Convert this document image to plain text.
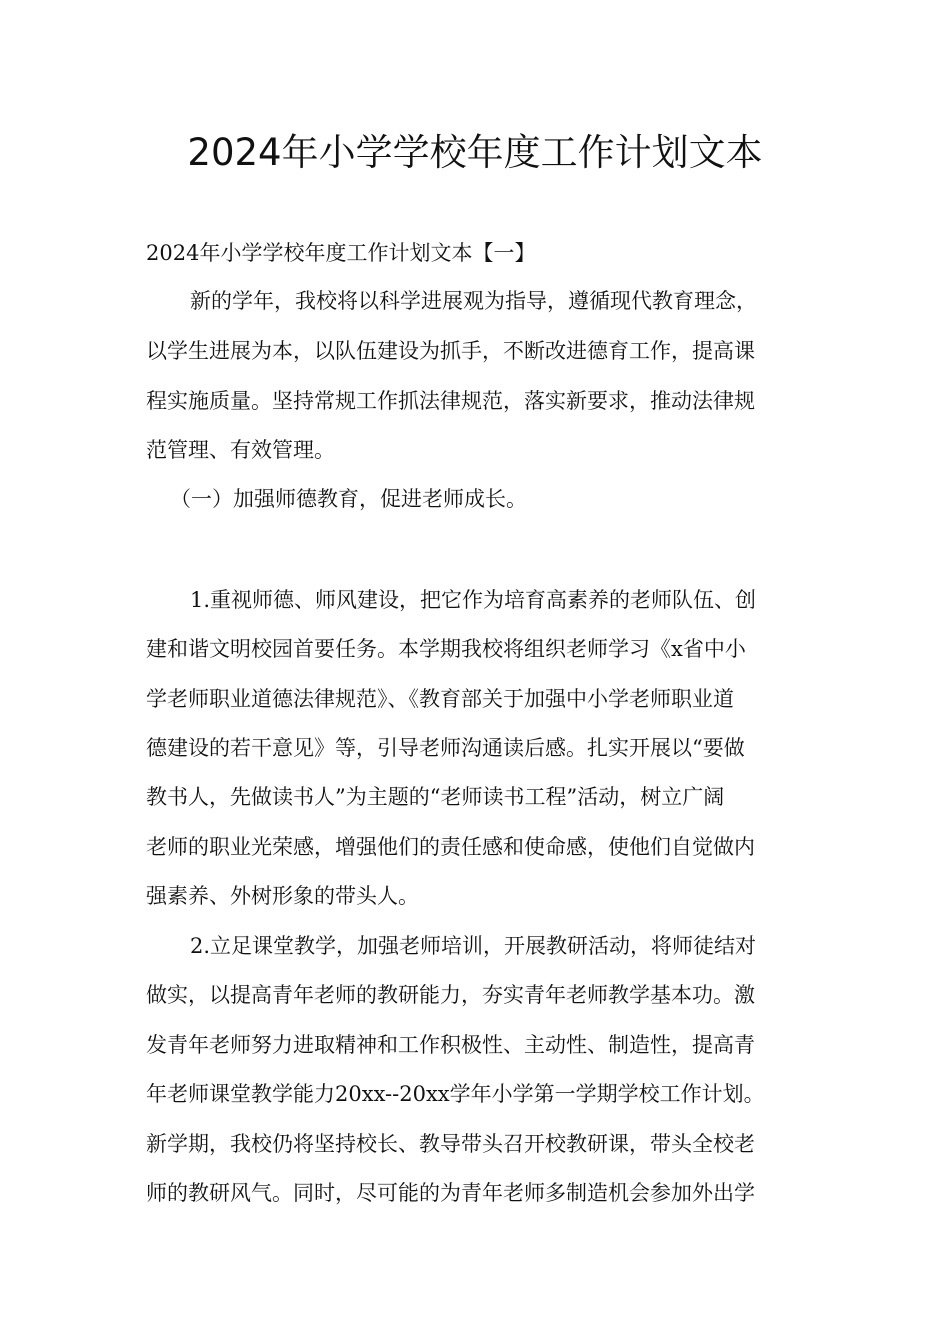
2024年小学学校年度工作计划文本

2024年小学学校年度工作计划文本【一】

新的学年，我校将以科学进展观为指导，遵循现代教育理念，

以学生进展为本，以队伍建设为抓手，不断改进德育工作，提高课

程实施质量。坚持常规工作抓法律规范，落实新要求，推动法律规

范管理、有效管理。

（一）加强师德教育，促进老师成长。

1.重视师德、师风建设，把它作为培育高素养的老师队伍、创

建和谐文明校园首要任务。本学期我校将组织老师学习《x省中小

学老师职业道德法律规范》、《教育部关于加强中小学老师职业道

德建设的若干意见》等，引导老师沟通读后感。扎实开展以“要做

教书人，先做读书人”为主题的“老师读书工程”活动，树立广阔

老师的职业光荣感，增强他们的责任感和使命感，使他们自觉做内

强素养、外树形象的带头人。

2.立足课堂教学，加强老师培训，开展教研活动，将师徒结对

做实，以提高青年老师的教研能力，夯实青年老师教学基本功。激

发青年老师努力进取精神和工作积极性、主动性、制造性，提高青

年老师课堂教学能力20xx--20xx学年小学第一学期学校工作计划。

新学期，我校仍将坚持校长、教导带头召开校教研课，带头全校老

师的教研风气。同时，尽可能的为青年老师多制造机会参加外出学
